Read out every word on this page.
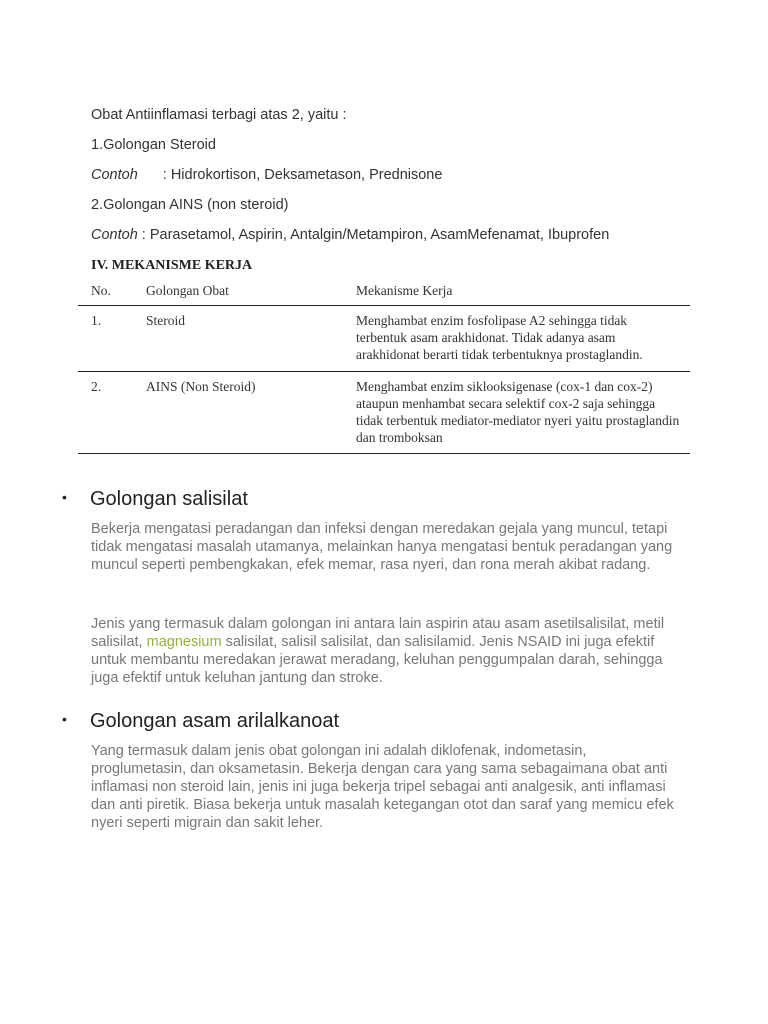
Obat Antiinflamasi terbagi atas 2, yaitu :
1.Golongan Steroid
Contoh : Hidrokortison, Deksametason, Prednisone
2.Golongan AINS (non steroid)
Contoh : Parasetamol, Aspirin, Antalgin/Metampiron, AsamMefenamat, Ibuprofen
IV. MEKANISME KERJA
No.	Golongan Obat	Mekanisme Kerja
1.	Steroid	Menghambat enzim fosfolipase A2 sehingga tidak terbentuk asam arakhidonat. Tidak adanya asam arakhidonat berarti tidak terbentuknya prostaglandin.
2.	AINS (Non Steroid)	Menghambat enzim siklooksigenase (cox-1 dan cox-2) ataupun menhambat secara selektif cox-2 saja sehingga tidak terbentuk mediator-mediator nyeri yaitu prostaglandin dan tromboksan
• Golongan salisilat
Bekerja mengatasi peradangan dan infeksi dengan meredakan gejala yang muncul, tetapi tidak mengatasi masalah utamanya, melainkan hanya mengatasi bentuk peradangan yang muncul seperti pembengkakan, efek memar, rasa nyeri, dan rona merah akibat radang.
Jenis yang termasuk dalam golongan ini antara lain aspirin atau asam asetilsalisilat, metil salisilat, magnesium salisilat, salisil salisilat, dan salisilamid. Jenis NSAID ini juga efektif untuk membantu meredakan jerawat meradang, keluhan penggumpalan darah, sehingga juga efektif untuk keluhan jantung dan stroke.
• Golongan asam arilalkanoat
Yang termasuk dalam jenis obat golongan ini adalah diklofenak, indometasin, proglumetasin, dan oksametasin. Bekerja dengan cara yang sama sebagaimana obat anti inflamasi non steroid lain, jenis ini juga bekerja tripel sebagai anti analgesik, anti inflamasi dan anti piretik. Biasa bekerja untuk masalah ketegangan otot dan saraf yang memicu efek nyeri seperti migrain dan sakit leher.
